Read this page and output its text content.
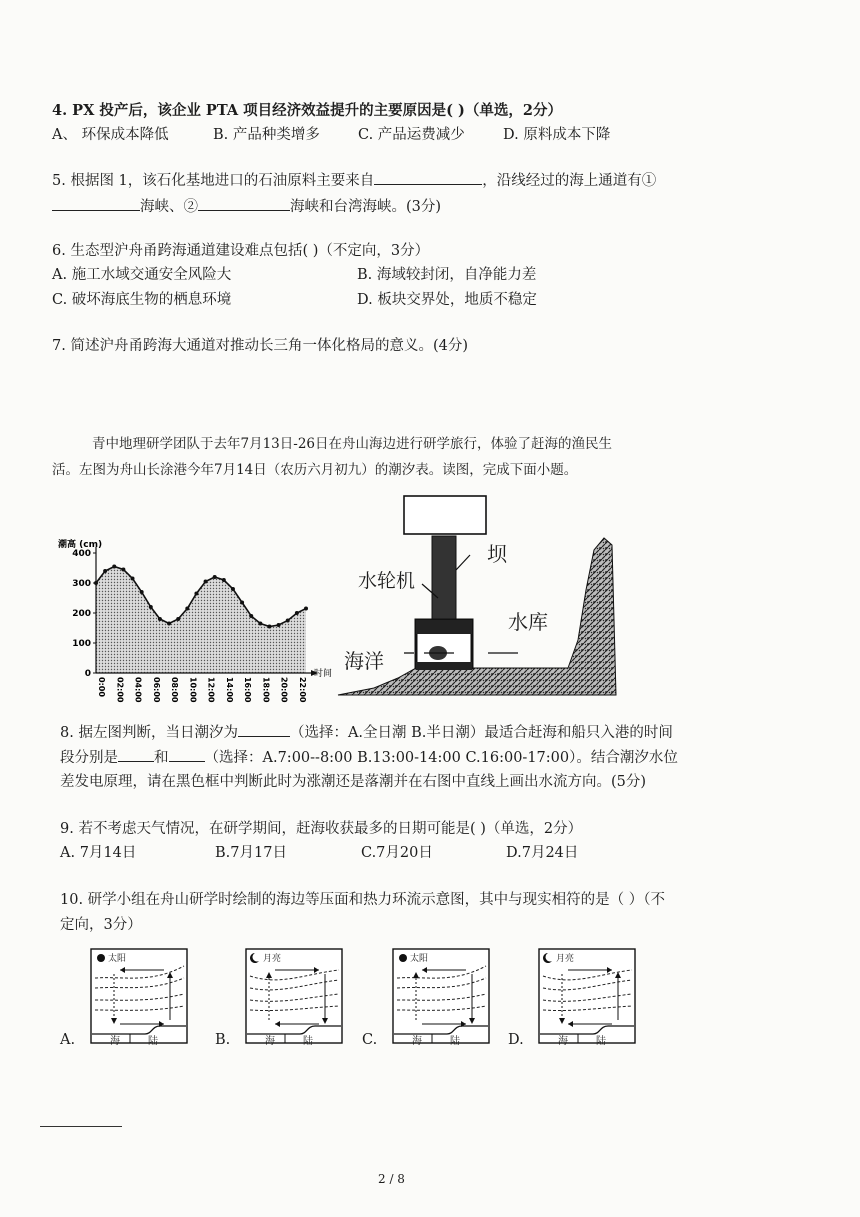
4. PX 投产后，该企业 PTA 项目经济效益提升的主要原因是( )（单选，2分）
A、 环保成本降低	B. 产品种类增多	C. 产品运费减少	D. 原料成本下降
5. 根据图 1，该石化基地进口的石油原料主要来自	，沿线经过的海上通道有①
海峡、②	海峡和台湾海峡。(3分)
6. 生态型沪舟甬跨海通道建设难点包括( )（不定向，3分）
A. 施工水域交通安全风险大	B. 海域较封闭，自净能力差
C. 破坏海底生物的栖息环境	D. 板块交界处，地质不稳定
7. 简述沪舟甬跨海大通道对推动长三角一体化格局的意义。(4分)
青中地理研学团队于去年7月13日-26日在舟山海边进行研学旅行，体验了赶海的渔民生
活。左图为舟山长涂港今年7月14日（农历六月初九）的潮汐表。读图，完成下面小题。
0
100
200
300
400
0:00 02:00 04:00 06:00 08:00 10:00 12:00 14:00 16:00 18:00 20:00 22:00
潮高 (cm)
时间
坝
水轮机
水库
海洋
8. 据左图判断，当日潮汐为	（选择：A.全日潮 B.半日潮）最适合赶海和船只入港的时间
段分别是 和 （选择：A.7:00--8:00 B.13:00-14:00 C.16:00-17:00）。结合潮汐水位
差发电原理，请在黑色框中判断此时为涨潮还是落潮并在右图中直线上画出水流方向。(5分)
9. 若不考虑天气情况，在研学期间，赶海收获最多的日期可能是( )（单选，2分）
A. 7月14日	B.7月17日	C.7月20日	D.7月24日
10. 研学小组在舟山研学时绘制的海边等压面和热力环流示意图，其中与现实相符的是（ ）（不
定向，3分）
A.
太阳
海	陆	B.
月亮
海	陆	C.
太阳
海	陆	D.
月亮
海	陆
2 / 8
